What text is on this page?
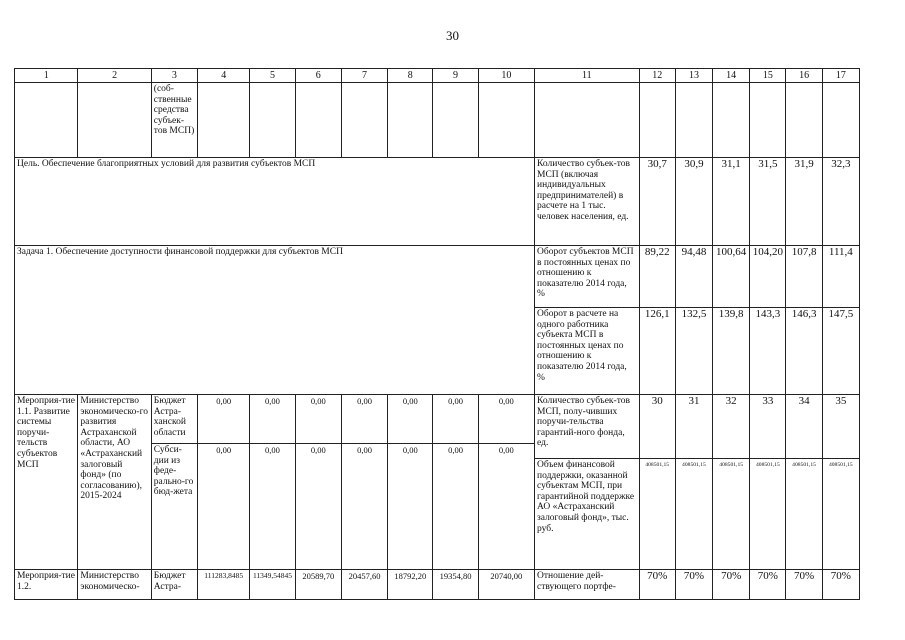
30
1	2	3	4	5	6	7	8	9	10	11	12	13	14	15	16	17
		(соб-ственные средства субъек-тов МСП)														
Цель. Обеспечение благоприятных условий для развития субъектов МСП										Количество субъек-тов МСП (включая индивидуальных предпринимателей) в расчете на 1 тыс. человек населения, ед.	30,7	30,9	31,1	31,5	31,9	32,3
Задача 1. Обеспечение доступности финансовой поддержки для субъектов МСП										Оборот субъектов МСП в постоянных ценах по отношению к показателю 2014 года, %	89,22	94,48	100,64	104,20	107,8	111,4
										Оборот в расчете на одного работника субъекта МСП в постоянных ценах по отношению к показателю 2014 года, %	126,1	132,5	139,8	143,3	146,3	147,5
Мероприя-тие 1.1. Развитие системы поручи-тельств субъектов МСП	Министерство экономическо-го развития Астраханской области, АО «Астраханский залоговый фонд» (по согласованию), 2015-2024	Бюджет Астра-ханской области	0,00	0,00	0,00	0,00	0,00	0,00	0,00	Количество субъек-тов МСП, полу-чивших поручи-тельства гарантий-ного фонда, ед.	30	31	32	33	34	35
		Субси-дии из феде-рально-го бюд-жета	0,00	0,00	0,00	0,00	0,00	0,00	0,00							
										Объем финансовой поддержки, оказанной субъектам МСП, при гарантийной поддержке АО «Астраханский залоговый фонд», тыс. руб.	408501,15	408501,15	408501,15	408501,15	408501,15	408501,15
Мероприя-тие 1.2.	Министерство экономическо-	Бюджет Астра-	111283,8485	11349,54845	20589,70	20457,60	18792,20	19354,80	20740,00	Отношение дей-ствующего портфе-	70%	70%	70%	70%	70%	70%
